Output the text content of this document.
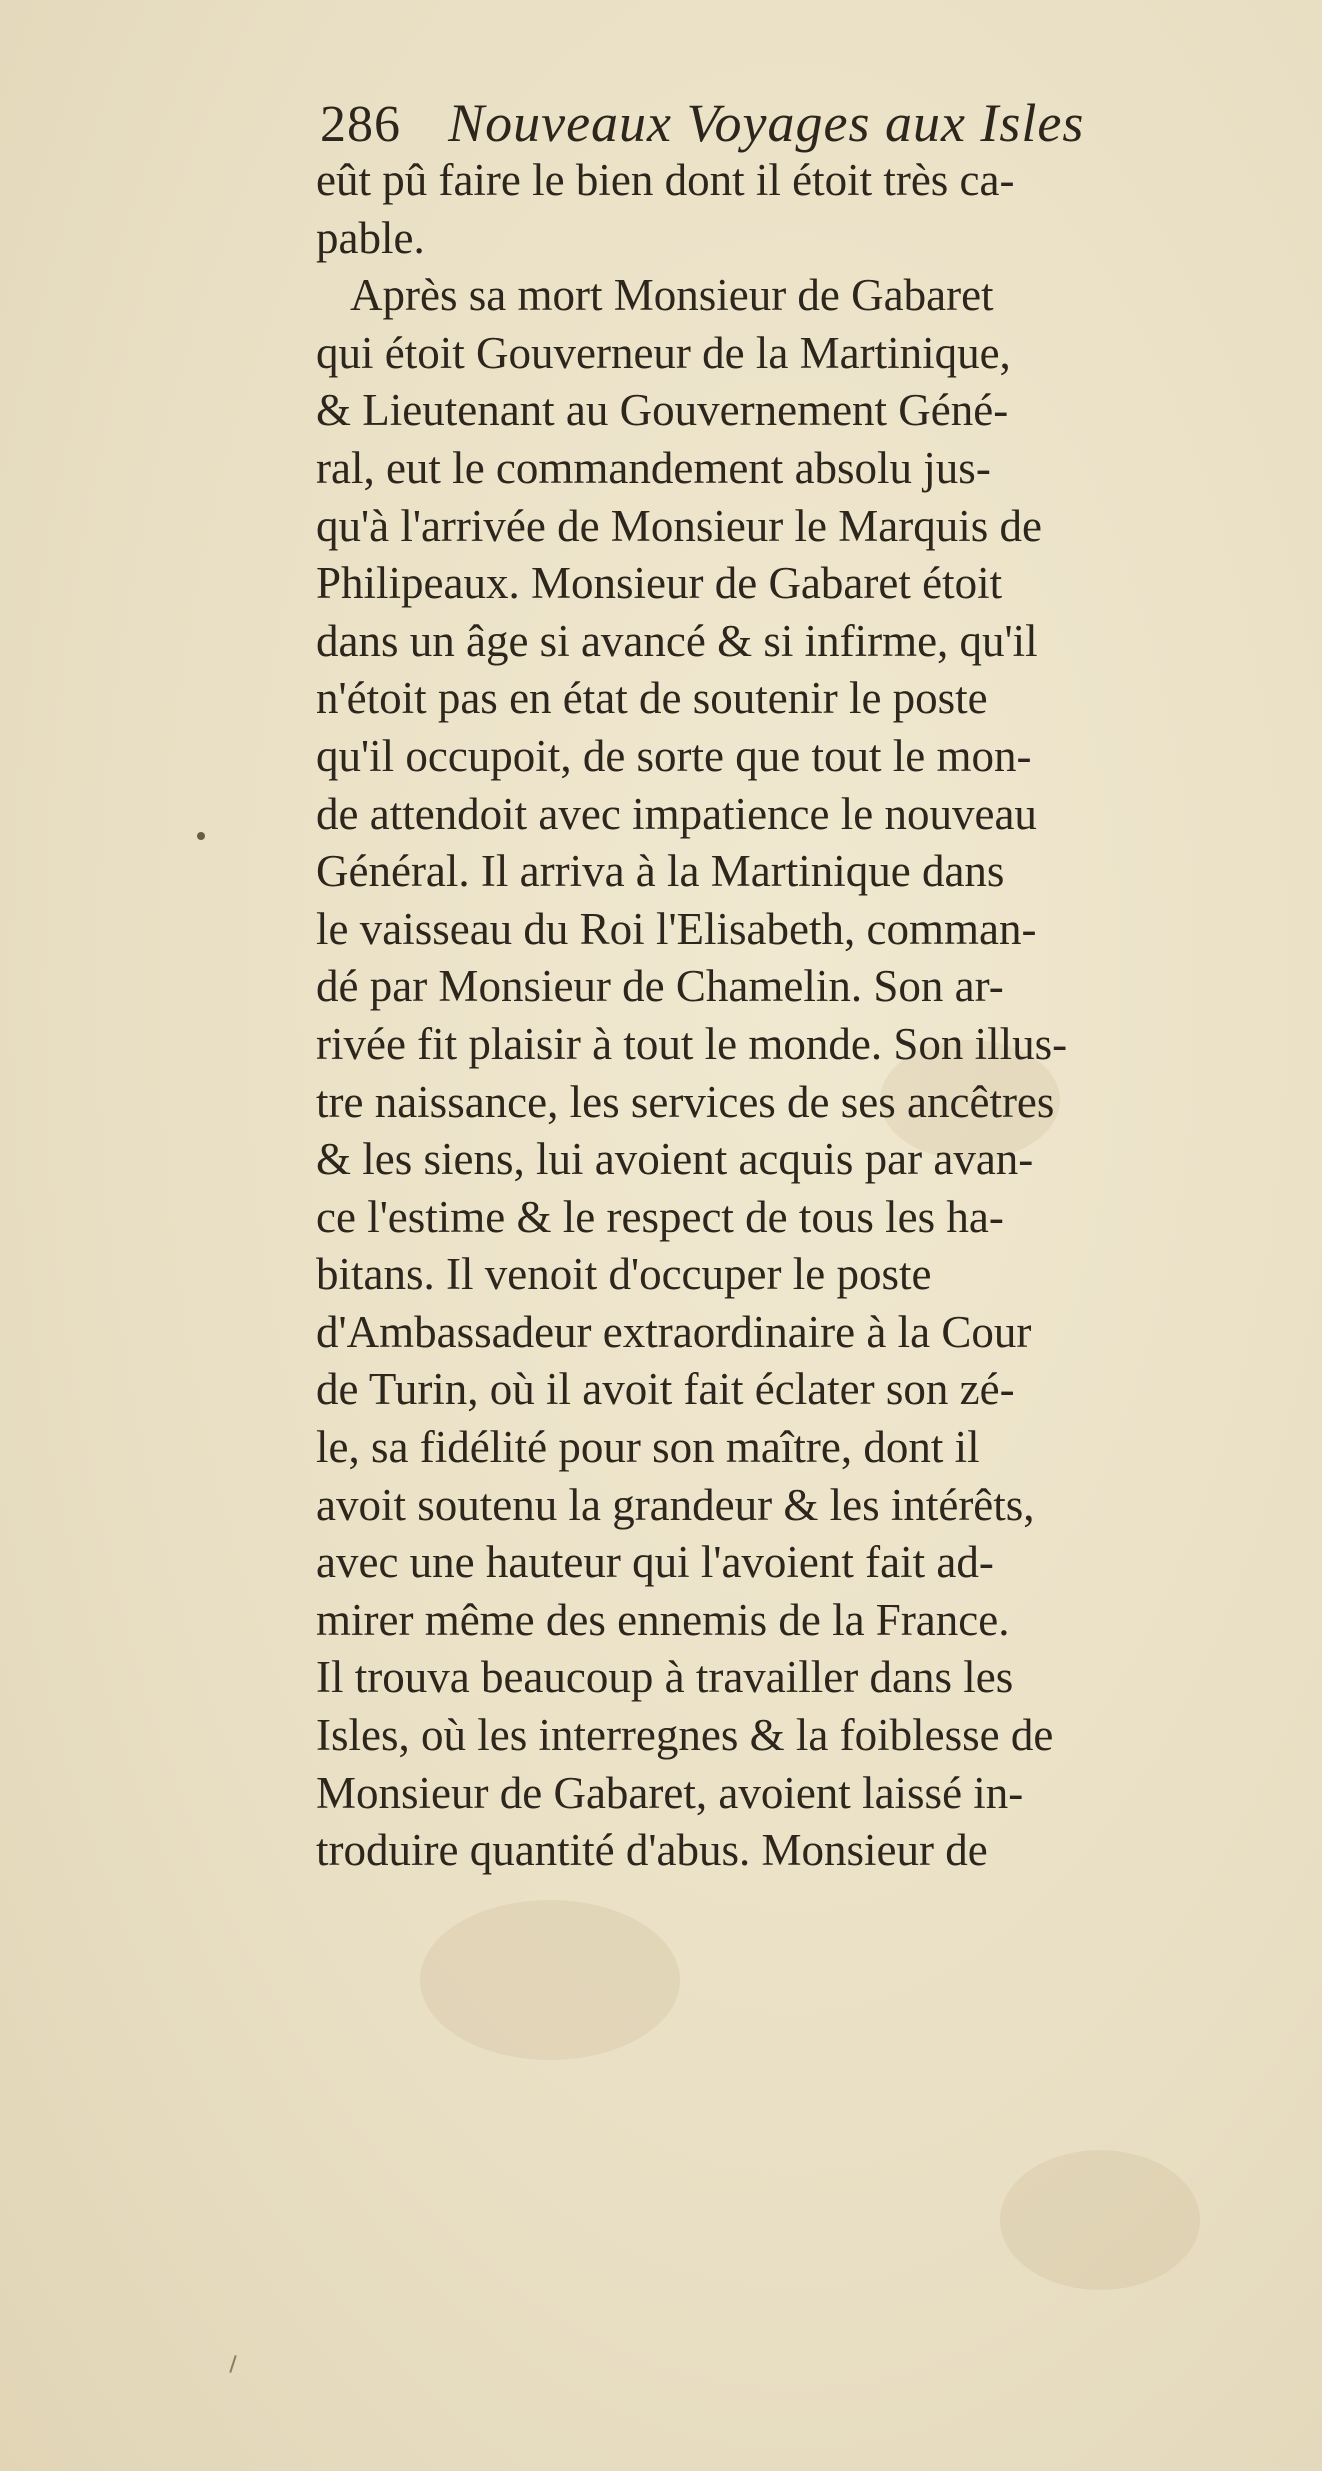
286 Nouveaux Voyages aux Isles
eût pû faire le bien dont il étoit très ca-
pable.
Après sa mort Monsieur de Gabaret
qui étoit Gouverneur de la Martinique,
& Lieutenant au Gouvernement Géné-
ral, eut le commandement absolu jus-
qu'à l'arrivée de Monsieur le Marquis de
Philipeaux. Monsieur de Gabaret étoit
dans un âge si avancé & si infirme, qu'il
n'étoit pas en état de soutenir le poste
qu'il occupoit, de sorte que tout le mon-
de attendoit avec impatience le nouveau
Général. Il arriva à la Martinique dans
le vaisseau du Roi l'Elisabeth, comman-
dé par Monsieur de Chamelin. Son ar-
rivée fit plaisir à tout le monde. Son illus-
tre naissance, les services de ses ancêtres
& les siens, lui avoient acquis par avan-
ce l'estime & le respect de tous les ha-
bitans. Il venoit d'occuper le poste
d'Ambassadeur extraordinaire à la Cour
de Turin, où il avoit fait éclater son zé-
le, sa fidélité pour son maître, dont il
avoit soutenu la grandeur & les intérêts,
avec une hauteur qui l'avoient fait ad-
mirer même des ennemis de la France.
Il trouva beaucoup à travailler dans les
Isles, où les interregnes & la foiblesse de
Monsieur de Gabaret, avoient laissé in-
troduire quantité d'abus. Monsieur de
